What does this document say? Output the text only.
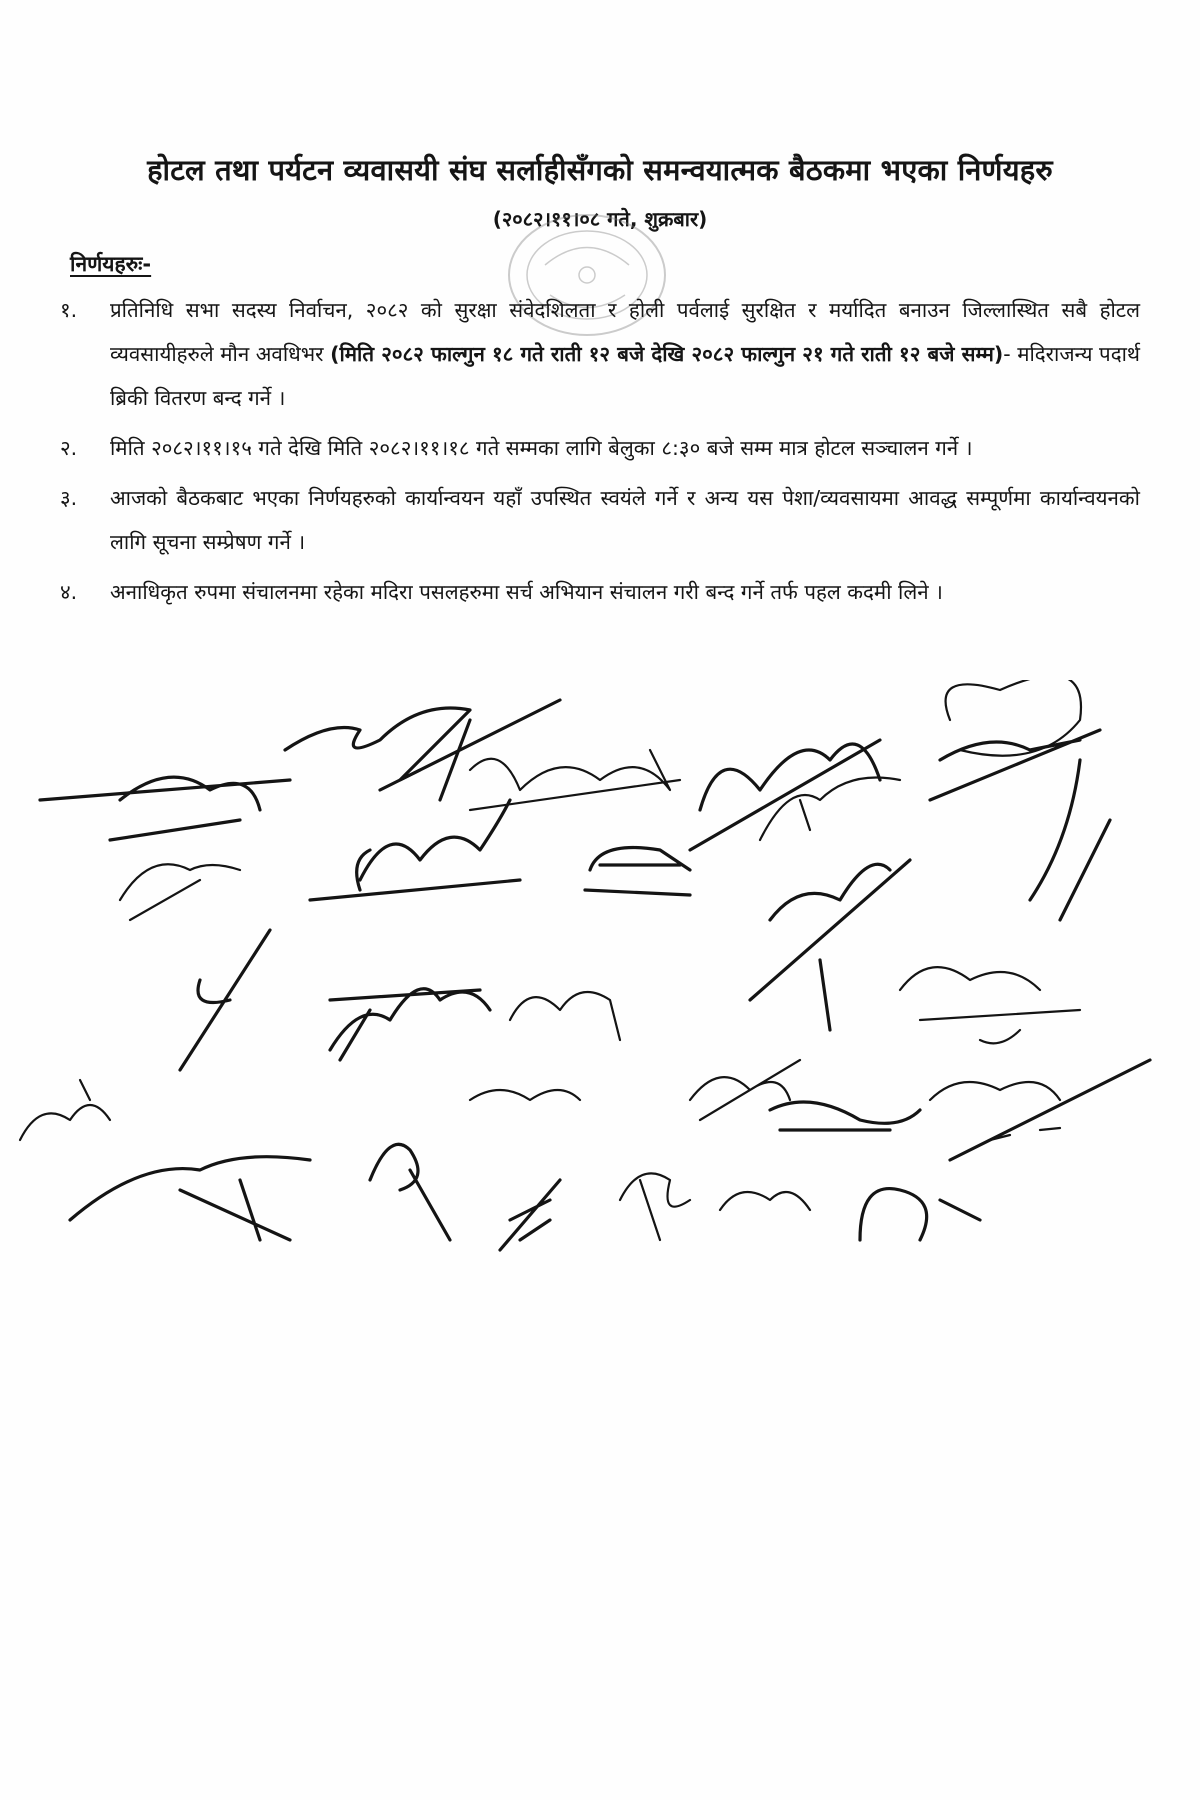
होटल तथा पर्यटन व्यवासयी संघ सर्लाहीसँगको समन्वयात्मक बैठकमा भएका निर्णयहरु
(२०८२।११।०८ गते, शुक्रबार)
निर्णयहरुः-
१.	प्रतिनिधि सभा सदस्य निर्वाचन, २०८२ को सुरक्षा संवेदशिलता र होली पर्वलाई सुरक्षित र मर्यादित बनाउन जिल्लास्थित सबै होटल व्यवसायीहरुले मौन अवधिभर (मिति २०८२ फाल्गुन १८ गते राती १२ बजे देखि २०८२ फाल्गुन २१ गते राती १२ बजे सम्म)- मदिराजन्य पदार्थ ब्रिकी वितरण बन्द गर्ने ।
२.	मिति २०८२।११।१५ गते देखि मिति २०८२।११।१८ गते सम्मका लागि बेलुका ८:३० बजे सम्म मात्र होटल सञ्चालन गर्ने ।
३.	आजको बैठकबाट भएका निर्णयहरुको कार्यान्वयन यहाँ उपस्थित स्वयंले गर्ने र अन्य यस पेशा/व्यवसायमा आवद्ध सम्पूर्णमा कार्यान्वयनको लागि सूचना सम्प्रेषण गर्ने ।
४.	अनाधिकृत रुपमा संचालनमा रहेका मदिरा पसलहरुमा सर्च अभियान संचालन गरी बन्द गर्ने तर्फ पहल कदमी लिने ।
